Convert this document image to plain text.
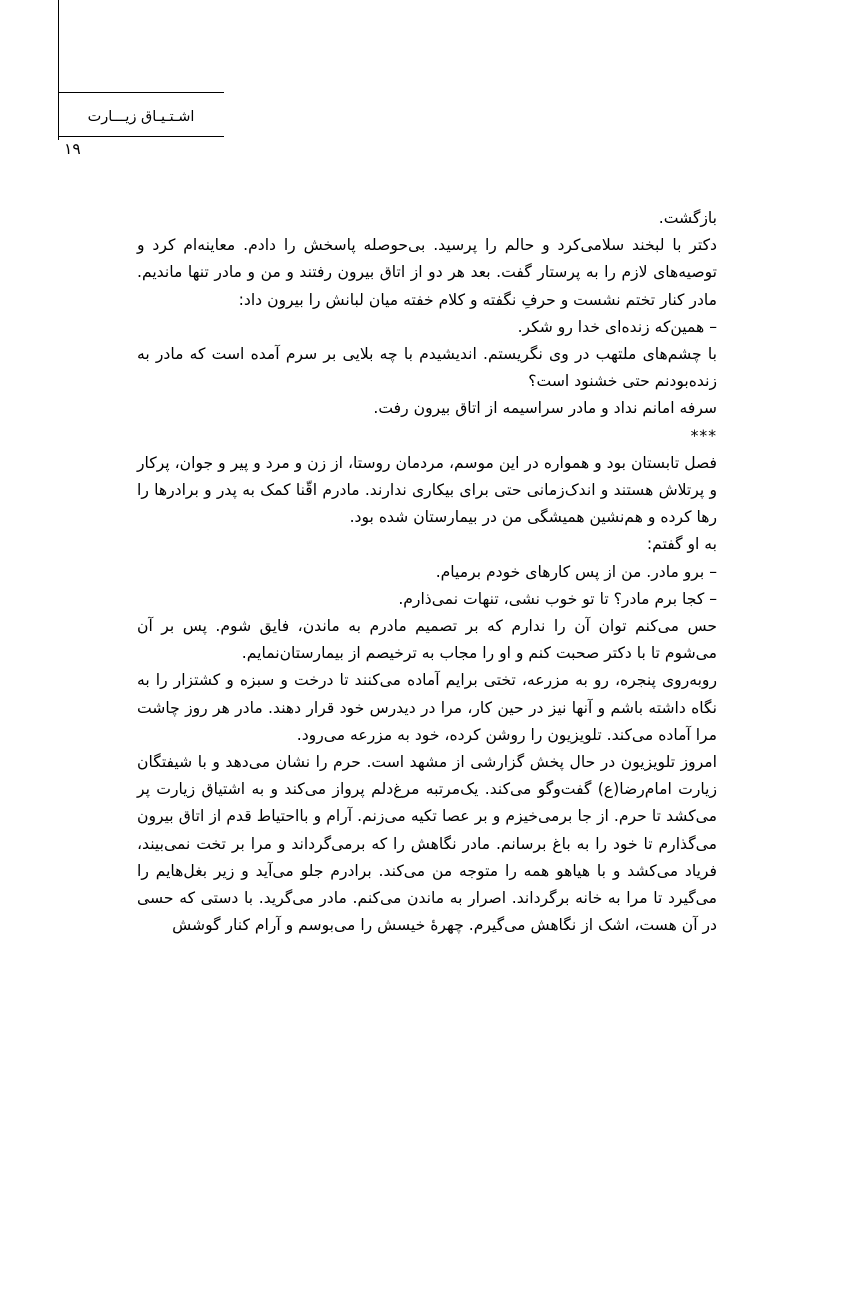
اشـتـیـاق زیـــارت
۱۹

بازگشت.

دکتر با لبخند سلامی‌کرد و حالم را پرسید. بی‌حوصله پاسخش را دادم. معاینه‌ام کرد و توصیه‌های لازم را به پرستار گفت. بعد هر دو از اتاق بیرون رفتند و من و مادر تنها ماندیم. مادر کنار تختم نشست و حرفِ نگفته و کلام خفته میان لبانش را بیرون داد:

– همین‌که زنده‌ای خدا رو شکر.

با چشم‌های ملتهب در وی نگریستم. اندیشیدم با چه بلایی بر سرم آمده است که مادر به زنده‌بودنم حتی خشنود است؟

سرفه امانم نداد و مادر سراسیمه از اتاق بیرون رفت.

***

فصل تابستان بود و همواره در این موسم، مردمان روستا، از زن و مرد و پیر و جوان، پرکار و پرتلاش هستند و اندک‌زمانی حتی برای بیکاری ندارند. مادرم اقّنا کمک به پدر و برادرها را رها کرده و هم‌نشین همیشگی من در بیمارستان شده بود.

به او گفتم:

– برو مادر. من از پس کارهای خودم برمیام.

– کجا برم مادر؟ تا تو خوب نشی، تنهات نمی‌ذارم.

حس می‌کنم توان آن را ندارم که بر تصمیم مادرم به ماندن، فایق شوم. پس بر آن می‌شوم تا با دکتر صحبت کنم و او را مجاب به ترخیصم از بیمارستان‌نمایم.

روبه‌روی پنجره، رو به مزرعه، تختی برایم آماده می‌کنند تا درخت و سبزه و کشتزار را به نگاه داشته باشم و آنها نیز در حین کار، مرا در دیدرس خود قرار دهند. مادر هر روز چاشت مرا آماده می‌کند. تلویزیون را روشن کرده، خود به مزرعه می‌رود.

امروز تلویزیون در حال پخش گزارشی از مشهد است. حرم را نشان می‌دهد و با شیفتگان زیارت امام‌رضا(ع) گفت‌وگو می‌کند. یک‌مرتبه مرغ‌دلم پرواز می‌کند و به اشتیاق زیارت پر می‌کشد تا حرم. از جا برمی‌خیزم و بر عصا تکیه می‌زنم. آرام و بااحتیاط قدم از اتاق بیرون می‌گذارم تا خود را به باغ برسانم. مادر نگاهش را که برمی‌گرداند و مرا بر تخت نمی‌بیند، فریاد می‌کشد و با هیاهو همه را متوجه من می‌کند. برادرم جلو می‌آید و زیر بغل‌هایم را می‌گیرد تا مرا به خانه برگرداند. اصرار به ماندن می‌کنم. مادر می‌گرید. با دستی که حسی در آن هست، اشک از نگاهش می‌گیرم. چهرهٔ خیسش را می‌بوسم و آرام کنار گوشش
